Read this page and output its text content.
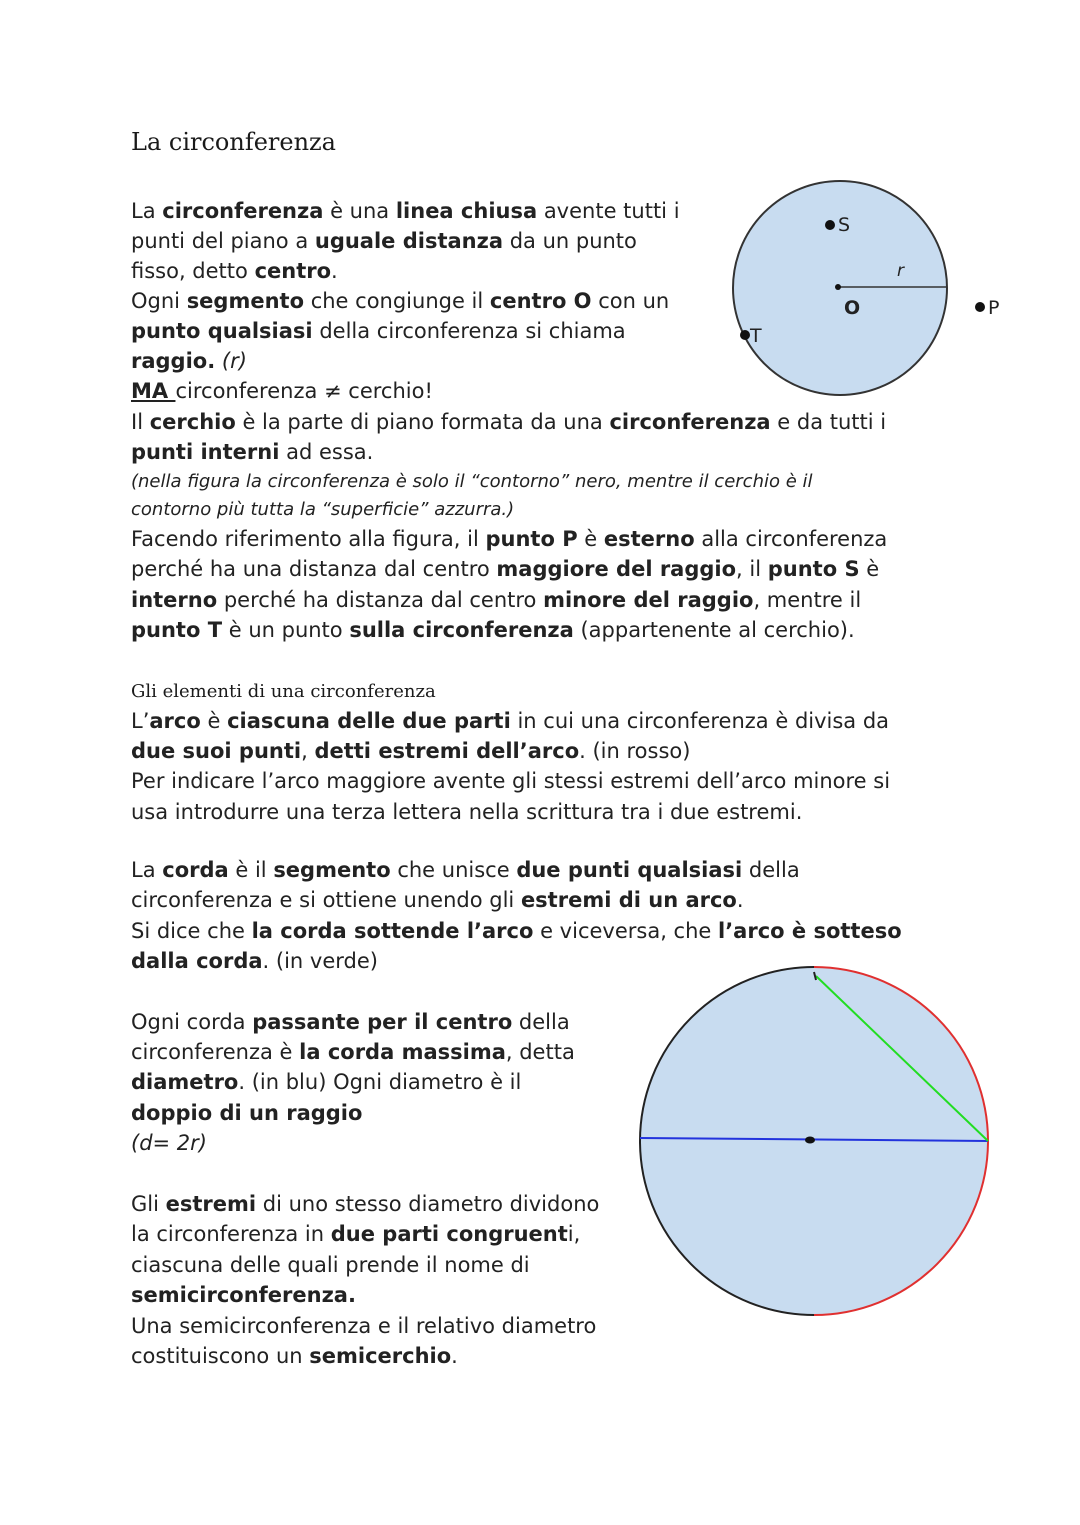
La circonferenza
Gli elementi di una circonferenza
La circonferenza è una linea chiusa avente tutti i
punti del piano a uguale distanza da un punto
fisso, detto centro.
Ogni segmento che congiunge il centro O con un
punto qualsiasi della circonferenza si chiama
raggio. (r)
MA circonferenza ≠ cerchio!
Il cerchio è la parte di piano formata da una circonferenza e da tutti i
punti interni ad essa.
(nella figura la circonferenza è solo il “contorno” nero, mentre il cerchio è il
contorno più tutta la “superficie” azzurra.)
Facendo riferimento alla figura, il punto P è esterno alla circonferenza
perché ha una distanza dal centro maggiore del raggio, il punto S è
interno perché ha distanza dal centro minore del raggio, mentre il
punto T è un punto sulla circonferenza (appartenente al cerchio).
L’arco è ciascuna delle due parti in cui una circonferenza è divisa da
due suoi punti, detti estremi dell’arco. (in rosso)
Per indicare l’arco maggiore avente gli stessi estremi dell’arco minore si
usa introdurre una terza lettera nella scrittura tra i due estremi.
La corda è il segmento che unisce due punti qualsiasi della
circonferenza e si ottiene unendo gli estremi di un arco.
Si dice che la corda sottende l’arco e viceversa, che l’arco è sotteso
dalla corda. (in verde)
Ogni corda passante per il centro della
circonferenza è la corda massima, detta
diametro. (in blu) Ogni diametro è il
doppio di un raggio
(d= 2r)
Gli estremi di uno stesso diametro dividono
la circonferenza in due parti congruenti,
ciascuna delle quali prende il nome di
semicirconferenza.
Una semicirconferenza e il relativo diametro
costituiscono un semicerchio.
S
r
O
T
P
